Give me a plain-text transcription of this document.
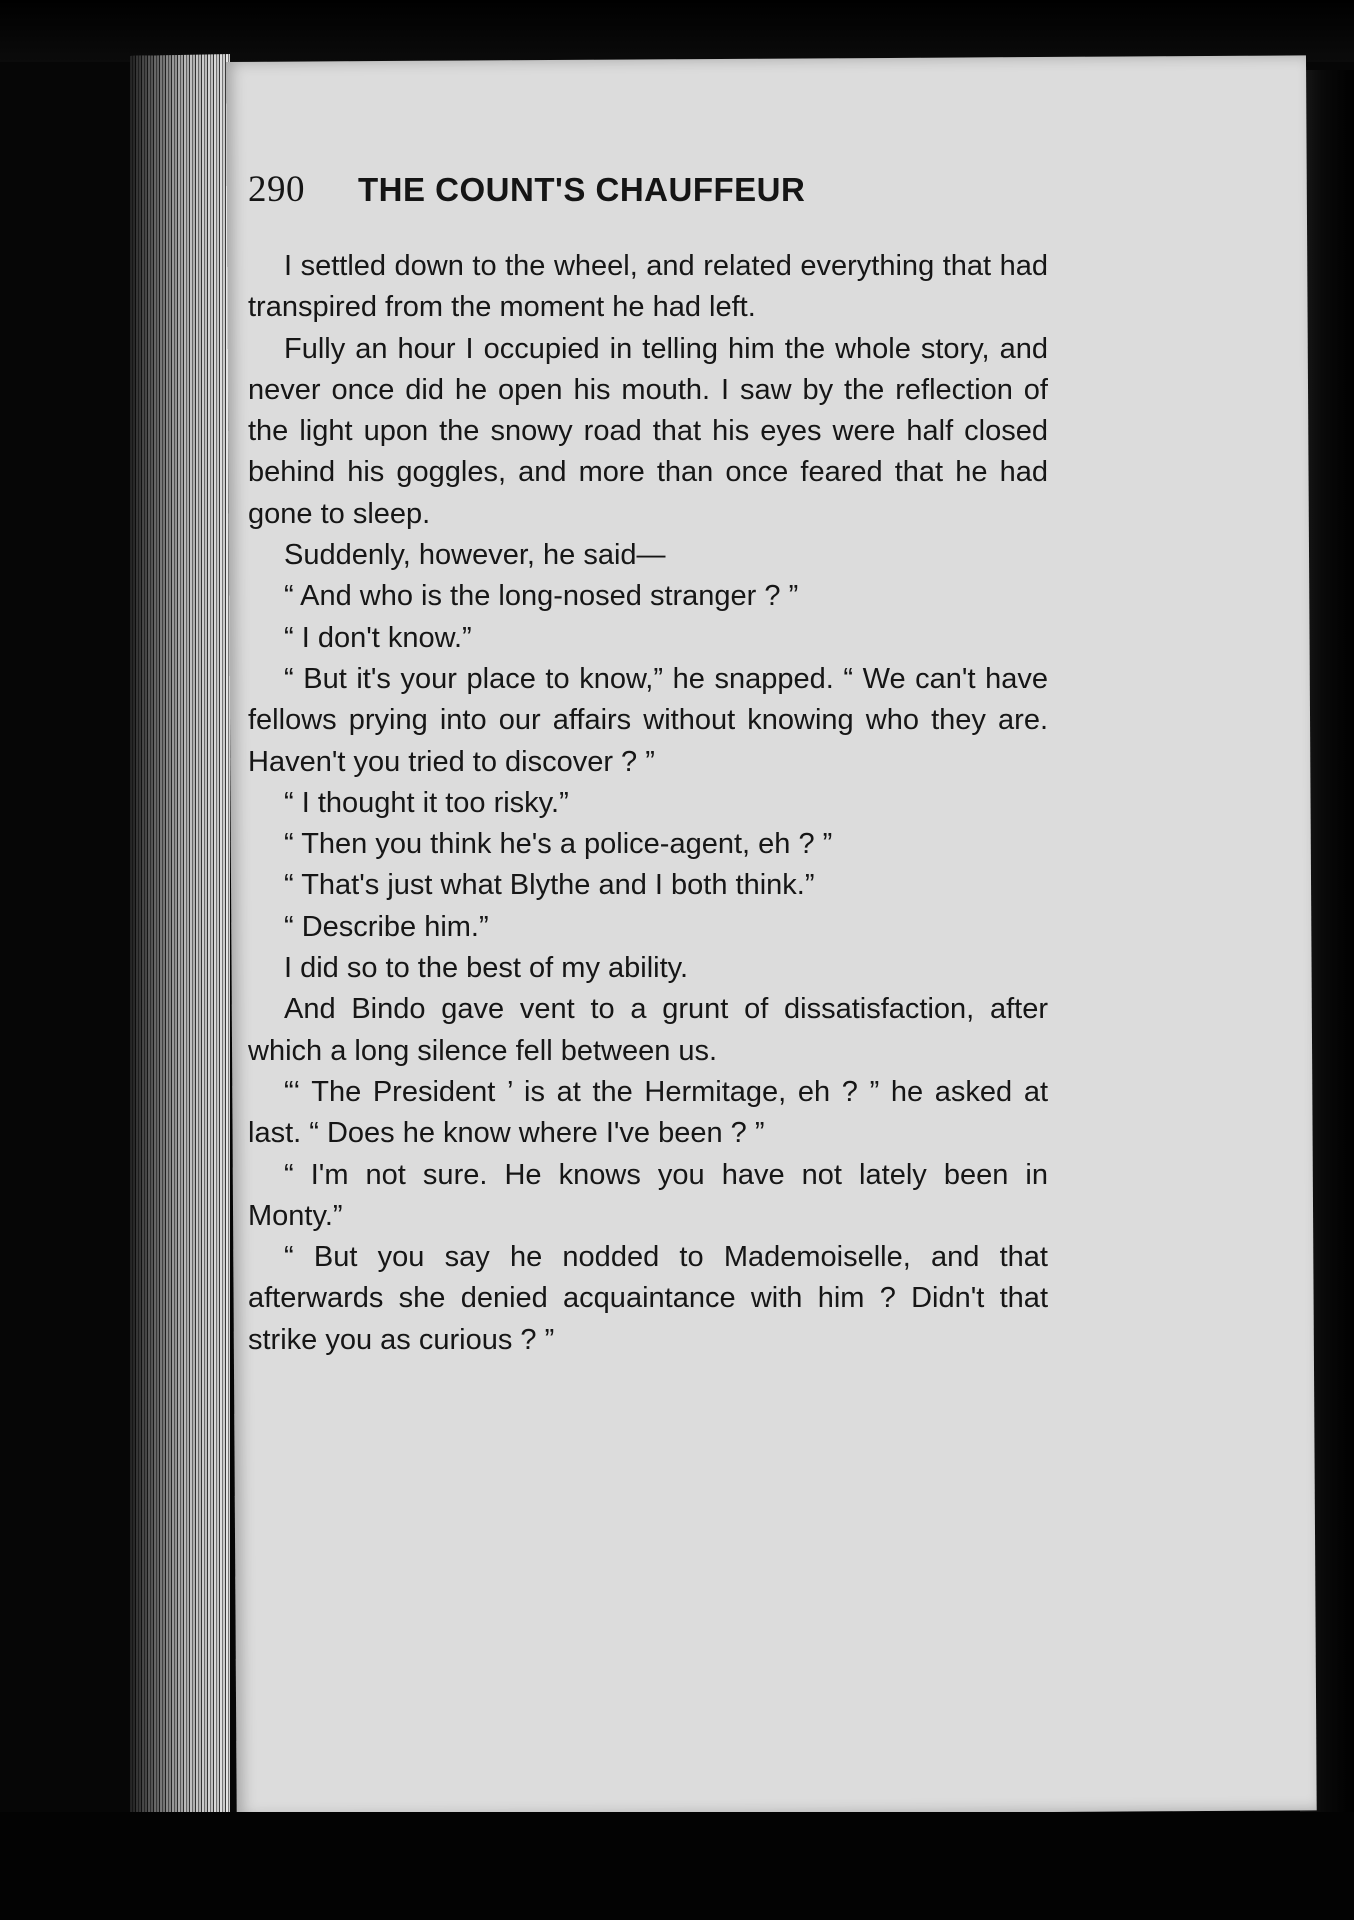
290 THE COUNT'S CHAUFFEUR

I settled down to the wheel, and related everything that had transpired from the moment he had left.

Fully an hour I occupied in telling him the whole story, and never once did he open his mouth. I saw by the reflection of the light upon the snowy road that his eyes were half closed behind his goggles, and more than once feared that he had gone to sleep.

Suddenly, however, he said—

“ And who is the long-nosed stranger ? ”

“ I don't know.”

“ But it's your place to know,” he snapped. “ We can't have fellows prying into our affairs without knowing who they are. Haven't you tried to discover ? ”

“ I thought it too risky.”

“ Then you think he's a police-agent, eh ? ”

“ That's just what Blythe and I both think.”

“ Describe him.”

I did so to the best of my ability.

And Bindo gave vent to a grunt of dissatisfaction, after which a long silence fell between us.

“‘ The President ’ is at the Hermitage, eh ? ” he asked at last. “ Does he know where I've been ? ”

“ I'm not sure. He knows you have not lately been in Monty.”

“ But you say he nodded to Mademoiselle, and that afterwards she denied acquaintance with him ? Didn't that strike you as curious ? ”
